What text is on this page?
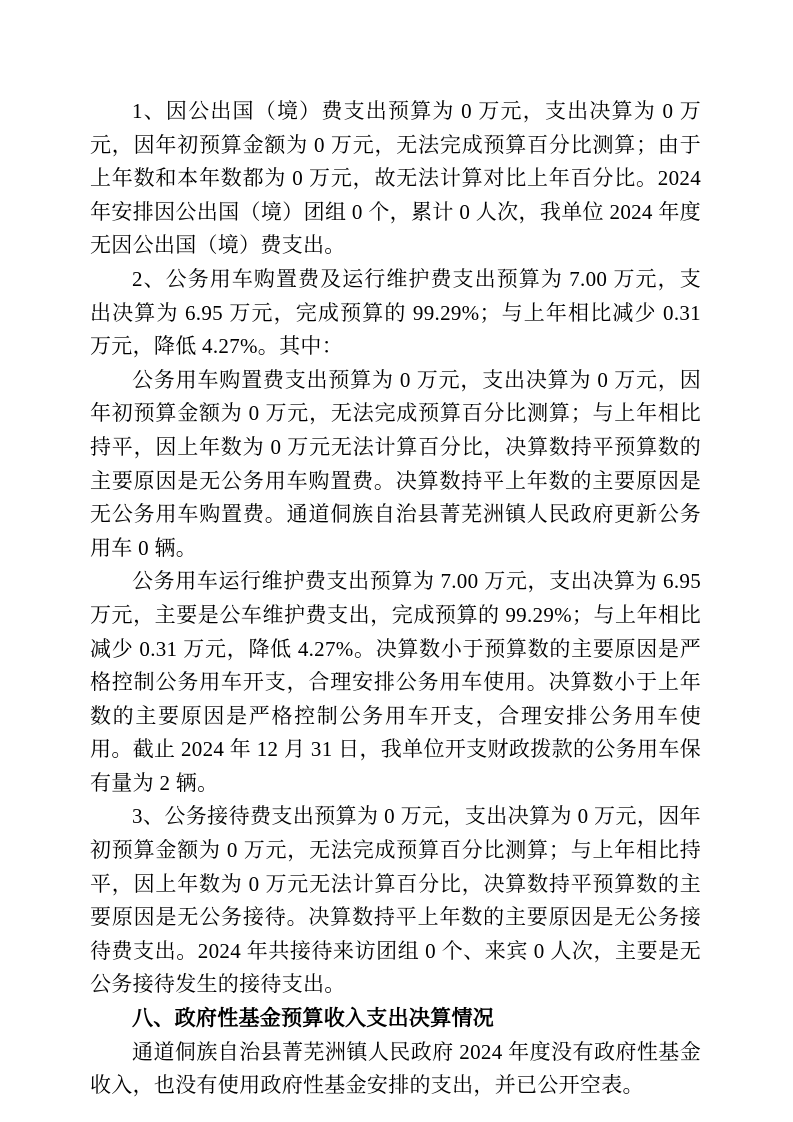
1、因公出国（境）费支出预算为 0 万元，支出决算为 0 万元，因年初预算金额为 0 万元，无法完成预算百分比测算；由于上年数和本年数都为 0 万元，故无法计算对比上年百分比。2024 年安排因公出国（境）团组 0 个，累计 0 人次，我单位 2024 年度无因公出国（境）费支出。

2、公务用车购置费及运行维护费支出预算为 7.00 万元，支出决算为 6.95 万元，完成预算的 99.29%；与上年相比减少 0.31 万元，降低 4.27%。其中：

公务用车购置费支出预算为 0 万元，支出决算为 0 万元，因年初预算金额为 0 万元，无法完成预算百分比测算；与上年相比持平，因上年数为 0 万元无法计算百分比，决算数持平预算数的主要原因是无公务用车购置费。决算数持平上年数的主要原因是无公务用车购置费。通道侗族自治县菁芜洲镇人民政府更新公务用车 0 辆。

公务用车运行维护费支出预算为 7.00 万元，支出决算为 6.95 万元，主要是公车维护费支出，完成预算的 99.29%；与上年相比减少 0.31 万元，降低 4.27%。决算数小于预算数的主要原因是严格控制公务用车开支，合理安排公务用车使用。决算数小于上年数的主要原因是严格控制公务用车开支，合理安排公务用车使用。截止 2024 年 12 月 31 日，我单位开支财政拨款的公务用车保有量为 2 辆。

3、公务接待费支出预算为 0 万元，支出决算为 0 万元，因年初预算金额为 0 万元，无法完成预算百分比测算；与上年相比持平，因上年数为 0 万元无法计算百分比，决算数持平预算数的主要原因是无公务接待。决算数持平上年数的主要原因是无公务接待费支出。2024 年共接待来访团组 0 个、来宾 0 人次，主要是无公务接待发生的接待支出。

八、政府性基金预算收入支出决算情况

通道侗族自治县菁芜洲镇人民政府 2024 年度没有政府性基金收入，也没有使用政府性基金安排的支出，并已公开空表。
